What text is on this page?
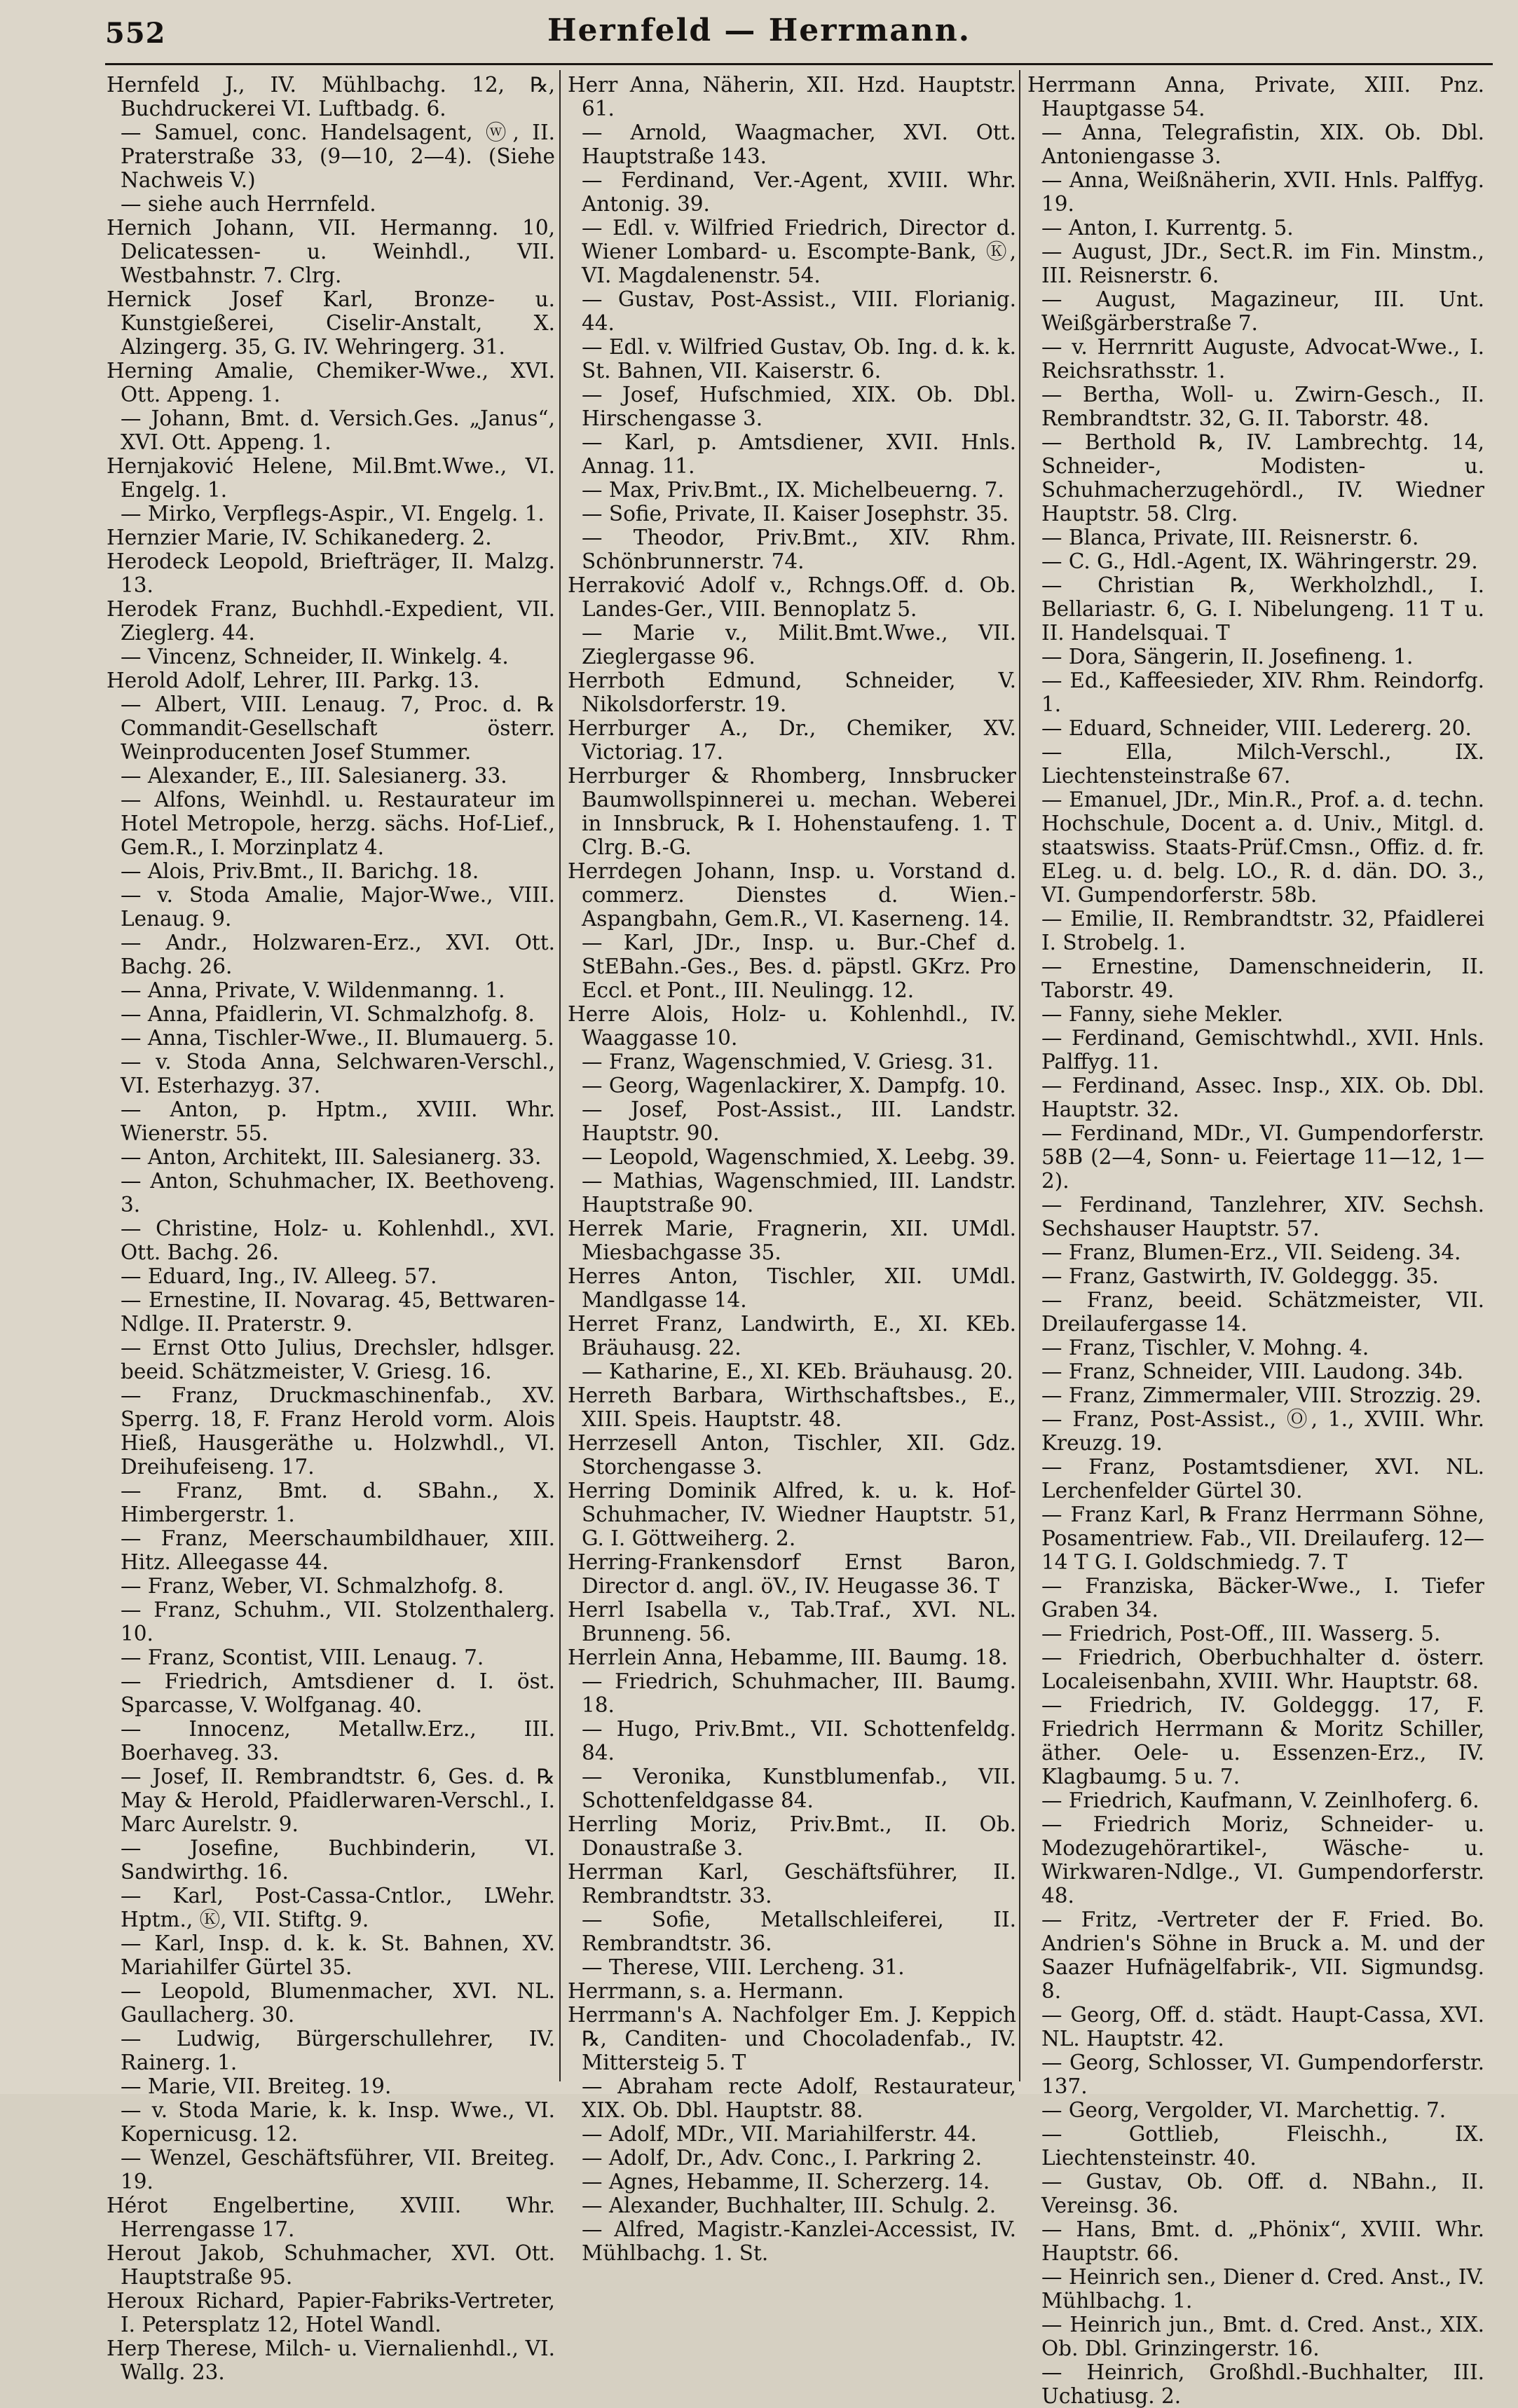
552	Hernfeld — Herrmann.

Hernfeld J., IV. Mühlbachg. 12, ℞, Buchdruckerei VI. Luftbadg. 6.

— Samuel, conc. Handelsagent, ⓦ, II. Praterstraße 33, (9—10, 2—4). (Siehe Nachweis V.)

— siehe auch Herrnfeld.

Hernich Johann, VII. Hermanng. 10, Delicatessen- u. Weinhdl., VII. Westbahnstr. 7. Clrg.

Hernick Josef Karl, Bronze- u. Kunstgießerei, Ciselir-Anstalt, X. Alzingerg. 35, G. IV. Wehringerg. 31.

Herning Amalie, Chemiker-Wwe., XVI. Ott. Appeng. 1.

— Johann, Bmt. d. Versich.Ges. „Janus“, XVI. Ott. Appeng. 1.

Hernjaković Helene, Mil.Bmt.Wwe., VI. Engelg. 1.

— Mirko, Verpflegs-Aspir., VI. Engelg. 1.

Hernzier Marie, IV. Schikanederg. 2.

Herodeck Leopold, Briefträger, II. Malzg. 13.

Herodek Franz, Buchhdl.-Expedient, VII. Zieglerg. 44.

— Vincenz, Schneider, II. Winkelg. 4.

Herold Adolf, Lehrer, III. Parkg. 13.

— Albert, VIII. Lenaug. 7, Proc. d. ℞ Commandit-Gesellschaft österr. Weinproducenten Josef Stummer.

— Alexander, E., III. Salesianerg. 33.

— Alfons, Weinhdl. u. Restaurateur im Hotel Metropole, herzg. sächs. Hof-Lief., Gem.R., I. Morzinplatz 4.

— Alois, Priv.Bmt., II. Barichg. 18.

— v. Stoda Amalie, Major-Wwe., VIII. Lenaug. 9.

— Andr., Holzwaren-Erz., XVI. Ott. Bachg. 26.

— Anna, Private, V. Wildenmanng. 1.

— Anna, Pfaidlerin, VI. Schmalzhofg. 8.

— Anna, Tischler-Wwe., II. Blumauerg. 5.

— v. Stoda Anna, Selchwaren-Verschl., VI. Esterhazyg. 37.

— Anton, p. Hptm., XVIII. Whr. Wienerstr. 55.

— Anton, Architekt, III. Salesianerg. 33.

— Anton, Schuhmacher, IX. Beethoveng. 3.

— Christine, Holz- u. Kohlenhdl., XVI. Ott. Bachg. 26.

— Eduard, Ing., IV. Alleeg. 57.

— Ernestine, II. Novarag. 45, Bettwaren-Ndlge. II. Praterstr. 9.

— Ernst Otto Julius, Drechsler, hdlsger. beeid. Schätzmeister, V. Griesg. 16.

— Franz, Druckmaschinenfab., XV. Sperrg. 18, F. Franz Herold vorm. Alois Hieß, Hausgeräthe u. Holzwhdl., VI. Dreihufeiseng. 17.

— Franz, Bmt. d. SBahn., X. Himbergerstr. 1.

— Franz, Meerschaumbildhauer, XIII. Hitz. Alleegasse 44.

— Franz, Weber, VI. Schmalzhofg. 8.

— Franz, Schuhm., VII. Stolzenthalerg. 10.

— Franz, Scontist, VIII. Lenaug. 7.

— Friedrich, Amtsdiener d. I. öst. Sparcasse, V. Wolfganag. 40.

— Innocenz, Metallw.Erz., III. Boerhaveg. 33.

— Josef, II. Rembrandtstr. 6, Ges. d. ℞ May & Herold, Pfaidlerwaren-Verschl., I. Marc Aurelstr. 9.

— Josefine, Buchbinderin, VI. Sandwirthg. 16.

— Karl, Post-Cassa-Cntlor., LWehr. Hptm., Ⓚ, VII. Stiftg. 9.

— Karl, Insp. d. k. k. St. Bahnen, XV. Mariahilfer Gürtel 35.

— Leopold, Blumenmacher, XVI. NL. Gaullacherg. 30.

— Ludwig, Bürgerschullehrer, IV. Rainerg. 1.

— Marie, VII. Breiteg. 19.

— v. Stoda Marie, k. k. Insp. Wwe., VI. Kopernicusg. 12.

— Wenzel, Geschäftsführer, VII. Breiteg. 19.

Hérot Engelbertine, XVIII. Whr. Herrengasse 17.

Herout Jakob, Schuhmacher, XVI. Ott. Hauptstraße 95.

Heroux Richard, Papier-Fabriks-Vertreter, I. Petersplatz 12, Hotel Wandl.

Herp Therese, Milch- u. Viernalienhdl., VI. Wallg. 23.

Herr Anna, Näherin, XII. Hzd. Hauptstr. 61.

— Arnold, Waagmacher, XVI. Ott. Hauptstraße 143.

— Ferdinand, Ver.-Agent, XVIII. Whr. Antonig. 39.

— Edl. v. Wilfried Friedrich, Director d. Wiener Lombard- u. Escompte-Bank, Ⓚ, VI. Magdalenenstr. 54.

— Gustav, Post-Assist., VIII. Florianig. 44.

— Edl. v. Wilfried Gustav, Ob. Ing. d. k. k. St. Bahnen, VII. Kaiserstr. 6.

— Josef, Hufschmied, XIX. Ob. Dbl. Hirschengasse 3.

— Karl, p. Amtsdiener, XVII. Hnls. Annag. 11.

— Max, Priv.Bmt., IX. Michelbeuerng. 7.

— Sofie, Private, II. Kaiser Josephstr. 35.

— Theodor, Priv.Bmt., XIV. Rhm. Schönbrunnerstr. 74.

Herraković Adolf v., Rchngs.Off. d. Ob. Landes-Ger., VIII. Bennoplatz 5.

— Marie v., Milit.Bmt.Wwe., VII. Zieglergasse 96.

Herrboth Edmund, Schneider, V. Nikolsdorferstr. 19.

Herrburger A., Dr., Chemiker, XV. Victoriag. 17.

Herrburger & Rhomberg, Innsbrucker Baumwollspinnerei u. mechan. Weberei in Innsbruck, ℞ I. Hohenstaufeng. 1. T Clrg. B.-G.

Herrdegen Johann, Insp. u. Vorstand d. commerz. Dienstes d. Wien.-Aspangbahn, Gem.R., VI. Kaserneng. 14.

— Karl, JDr., Insp. u. Bur.-Chef d. StEBahn.-Ges., Bes. d. päpstl. GKrz. Pro Eccl. et Pont., III. Neulingg. 12.

Herre Alois, Holz- u. Kohlenhdl., IV. Waaggasse 10.

— Franz, Wagenschmied, V. Griesg. 31.

— Georg, Wagenlackirer, X. Dampfg. 10.

— Josef, Post-Assist., III. Landstr. Hauptstr. 90.

— Leopold, Wagenschmied, X. Leebg. 39.

— Mathias, Wagenschmied, III. Landstr. Hauptstraße 90.

Herrek Marie, Fragnerin, XII. UMdl. Miesbachgasse 35.

Herres Anton, Tischler, XII. UMdl. Mandlgasse 14.

Herret Franz, Landwirth, E., XI. KEb. Bräuhausg. 22.

— Katharine, E., XI. KEb. Bräuhausg. 20.

Herreth Barbara, Wirthschaftsbes., E., XIII. Speis. Hauptstr. 48.

Herrzesell Anton, Tischler, XII. Gdz. Storchengasse 3.

Herring Dominik Alfred, k. u. k. Hof-Schuhmacher, IV. Wiedner Hauptstr. 51, G. I. Göttweiherg. 2.

Herring-Frankensdorf Ernst Baron, Director d. angl. öV., IV. Heugasse 36. T

Herrl Isabella v., Tab.Traf., XVI. NL. Brunneng. 56.

Herrlein Anna, Hebamme, III. Baumg. 18.

— Friedrich, Schuhmacher, III. Baumg. 18.

— Hugo, Priv.Bmt., VII. Schottenfeldg. 84.

— Veronika, Kunstblumenfab., VII. Schottenfeldgasse 84.

Herrling Moriz, Priv.Bmt., II. Ob. Donaustraße 3.

Herrman Karl, Geschäftsführer, II. Rembrandtstr. 33.

— Sofie, Metallschleiferei, II. Rembrandtstr. 36.

— Therese, VIII. Lercheng. 31.

Herrmann, s. a. Hermann.

Herrmann's A. Nachfolger Em. J. Keppich ℞, Canditen- und Chocoladenfab., IV. Mittersteig 5. T

— Abraham recte Adolf, Restaurateur, XIX. Ob. Dbl. Hauptstr. 88.

— Adolf, MDr., VII. Mariahilferstr. 44.

— Adolf, Dr., Adv. Conc., I. Parkring 2.

— Agnes, Hebamme, II. Scherzerg. 14.

— Alexander, Buchhalter, III. Schulg. 2.

— Alfred, Magistr.-Kanzlei-Accessist, IV. Mühlbachg. 1. St.

Herrmann Anna, Private, XIII. Pnz. Hauptgasse 54.

— Anna, Telegrafistin, XIX. Ob. Dbl. Antoniengasse 3.

— Anna, Weißnäherin, XVII. Hnls. Palffyg. 19.

— Anton, I. Kurrentg. 5.

— August, JDr., Sect.R. im Fin. Minstm., III. Reisnerstr. 6.

— August, Magazineur, III. Unt. Weißgärberstraße 7.

— v. Herrnritt Auguste, Advocat-Wwe., I. Reichsrathsstr. 1.

— Bertha, Woll- u. Zwirn-Gesch., II. Rembrandtstr. 32, G. II. Taborstr. 48.

— Berthold ℞, IV. Lambrechtg. 14, Schneider-, Modisten- u. Schuhmacherzugehördl., IV. Wiedner Hauptstr. 58. Clrg.

— Blanca, Private, III. Reisnerstr. 6.

— C. G., Hdl.-Agent, IX. Währingerstr. 29.

— Christian ℞, Werkholzhdl., I. Bellariastr. 6, G. I. Nibelungeng. 11 T u. II. Handelsquai. T

— Dora, Sängerin, II. Josefineng. 1.

— Ed., Kaffeesieder, XIV. Rhm. Reindorfg. 1.

— Eduard, Schneider, VIII. Ledererg. 20.

— Ella, Milch-Verschl., IX. Liechtensteinstraße 67.

— Emanuel, JDr., Min.R., Prof. a. d. techn. Hochschule, Docent a. d. Univ., Mitgl. d. staatswiss. Staats-Prüf.Cmsn., Offiz. d. fr. ELeg. u. d. belg. LO., R. d. dän. DO. 3., VI. Gumpendorferstr. 58b.

— Emilie, II. Rembrandtstr. 32, Pfaidlerei I. Strobelg. 1.

— Ernestine, Damenschneiderin, II. Taborstr. 49.

— Fanny, siehe Mekler.

— Ferdinand, Gemischtwhdl., XVII. Hnls. Palffyg. 11.

— Ferdinand, Assec. Insp., XIX. Ob. Dbl. Hauptstr. 32.

— Ferdinand, MDr., VI. Gumpendorferstr. 58B (2—4, Sonn- u. Feiertage 11—12, 1—2).

— Ferdinand, Tanzlehrer, XIV. Sechsh. Sechshauser Hauptstr. 57.

— Franz, Blumen-Erz., VII. Seideng. 34.

— Franz, Gastwirth, IV. Goldeggg. 35.

— Franz, beeid. Schätzmeister, VII. Dreilaufergasse 14.

— Franz, Tischler, V. Mohng. 4.

— Franz, Schneider, VIII. Laudong. 34b.

— Franz, Zimmermaler, VIII. Strozzig. 29.

— Franz, Post-Assist., Ⓞ, 1., XVIII. Whr. Kreuzg. 19.

— Franz, Postamtsdiener, XVI. NL. Lerchenfelder Gürtel 30.

— Franz Karl, ℞ Franz Herrmann Söhne, Posamentriew. Fab., VII. Dreilauferg. 12—14 T G. I. Goldschmiedg. 7. T

— Franziska, Bäcker-Wwe., I. Tiefer Graben 34.

— Friedrich, Post-Off., III. Wasserg. 5.

— Friedrich, Oberbuchhalter d. österr. Localeisenbahn, XVIII. Whr. Hauptstr. 68.

— Friedrich, IV. Goldeggg. 17, F. Friedrich Herrmann & Moritz Schiller, äther. Oele- u. Essenzen-Erz., IV. Klagbaumg. 5 u. 7.

— Friedrich, Kaufmann, V. Zeinlhoferg. 6.

— Friedrich Moriz, Schneider- u. Modezugehörartikel-, Wäsche- u. Wirkwaren-Ndlge., VI. Gumpendorferstr. 48.

— Fritz, -Vertreter der F. Fried. Bo. Andrien's Söhne in Bruck a. M. und der Saazer Hufnägelfabrik-, VII. Sigmundsg. 8.

— Georg, Off. d. städt. Haupt-Cassa, XVI. NL. Hauptstr. 42.

— Georg, Schlosser, VI. Gumpendorferstr. 137.

— Georg, Vergolder, VI. Marchettig. 7.

— Gottlieb, Fleischh., IX. Liechtensteinstr. 40.

— Gustav, Ob. Off. d. NBahn., II. Vereinsg. 36.

— Hans, Bmt. d. „Phönix“, XVIII. Whr. Hauptstr. 66.

— Heinrich sen., Diener d. Cred. Anst., IV. Mühlbachg. 1.

— Heinrich jun., Bmt. d. Cred. Anst., XIX. Ob. Dbl. Grinzingerstr. 16.

— Heinrich, Großhdl.-Buchhalter, III. Uchatiusg. 2.
